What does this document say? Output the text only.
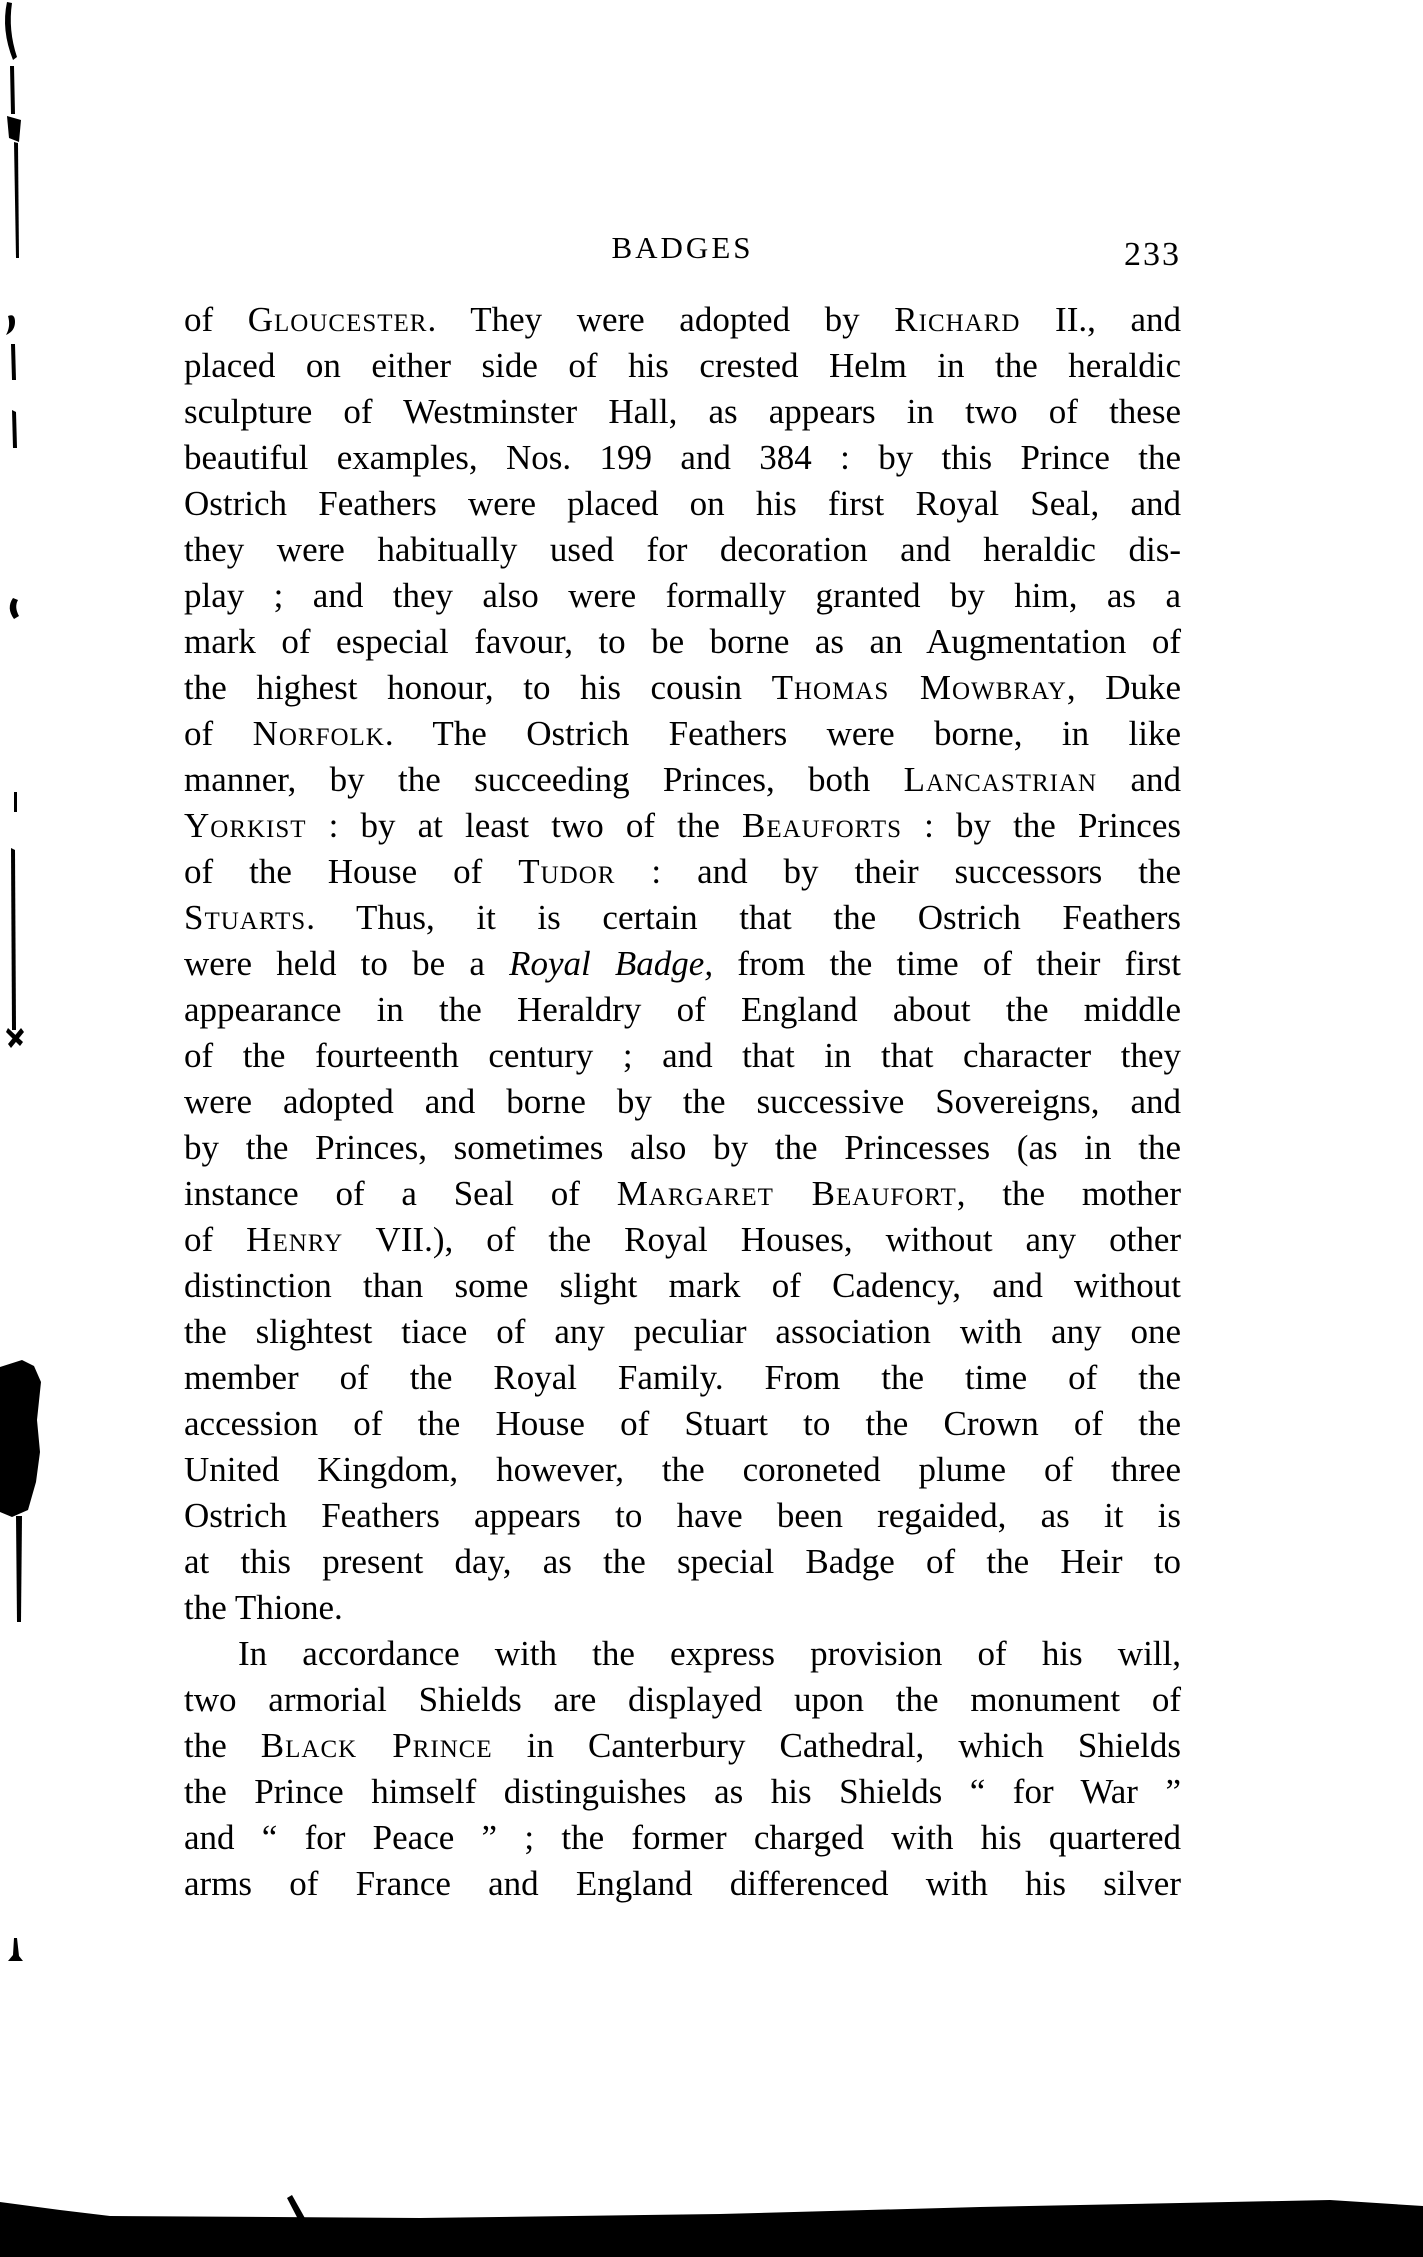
BADGES	233
of Gloucester. They were adopted by Richard II., and
placed on either side of his crested Helm in the heraldic
sculpture of Westminster Hall, as appears in two of these
beautiful examples, Nos. 199 and 384 : by this Prince the
Ostrich Feathers were placed on his first Royal Seal, and
they were habitually used for decoration and heraldic dis-
play ; and they also were formally granted by him, as a
mark of especial favour, to be borne as an Augmentation of
the highest honour, to his cousin Thomas Mowbray, Duke
of Norfolk. The Ostrich Feathers were borne, in like
manner, by the succeeding Princes, both Lancastrian and
Yorkist : by at least two of the Beauforts : by the Princes
of the House of Tudor : and by their successors the
Stuarts. Thus, it is certain that the Ostrich Feathers
were held to be a Royal Badge, from the time of their first
appearance in the Heraldry of England about the middle
of the fourteenth century ; and that in that character they
were adopted and borne by the successive Sovereigns, and
by the Princes, sometimes also by the Princesses (as in the
instance of a Seal of Margaret Beaufort, the mother
of Henry VII.), of the Royal Houses, without any other
distinction than some slight mark of Cadency, and without
the slightest tiace of any peculiar association with any one
member of the Royal Family. From the time of the
accession of the House of Stuart to the Crown of the
United Kingdom, however, the coroneted plume of three
Ostrich Feathers appears to have been regaided, as it is
at this present day, as the special Badge of the Heir to
the Thione.
In accordance with the express provision of his will,
two armorial Shields are displayed upon the monument of
the Black Prince in Canterbury Cathedral, which Shields
the Prince himself distinguishes as his Shields “ for War ”
and “ for Peace ” ; the former charged with his quartered
arms of France and England differenced with his silver
